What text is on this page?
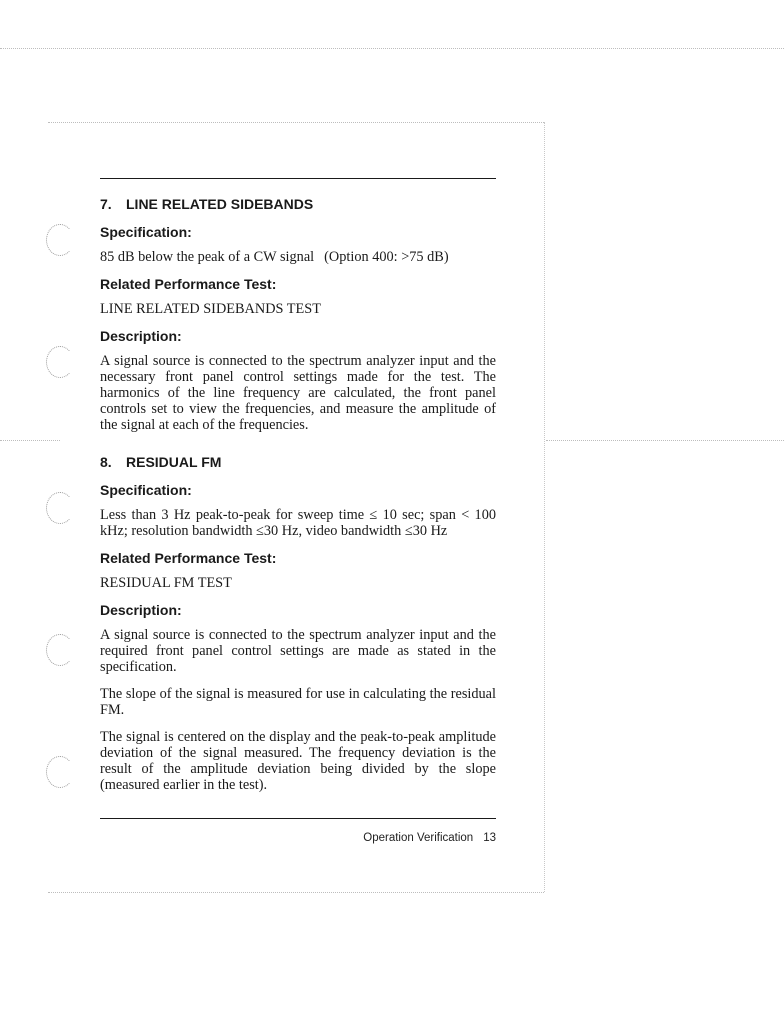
7. LINE RELATED SIDEBANDS
Specification:
85 dB below the peak of a CW signal (Option 400: >75 dB)
Related Performance Test:

LINE RELATED SIDEBANDS TEST

Description:

A signal source is connected to the spectrum analyzer input and the necessary front panel control settings made for the test. The harmonics of the line frequency are calculated, the front panel controls set to view the frequencies, and measure the amplitude of the signal at each of the frequencies.

8. RESIDUAL FM
Specification:

Less than 3 Hz peak-to-peak for sweep time ≤ 10 sec; span < 100 kHz; resolution bandwidth ≤30 Hz, video bandwidth ≤30 Hz

Related Performance Test:

RESIDUAL FM TEST

Description:

A signal source is connected to the spectrum analyzer input and the required front panel control settings are made as stated in the specification.

The slope of the signal is measured for use in calculating the residual FM.

The signal is centered on the display and the peak-to-peak amplitude deviation of the signal measured. The frequency deviation is the result of the amplitude deviation being divided by the slope (measured earlier in the test).

Operation Verification 13
